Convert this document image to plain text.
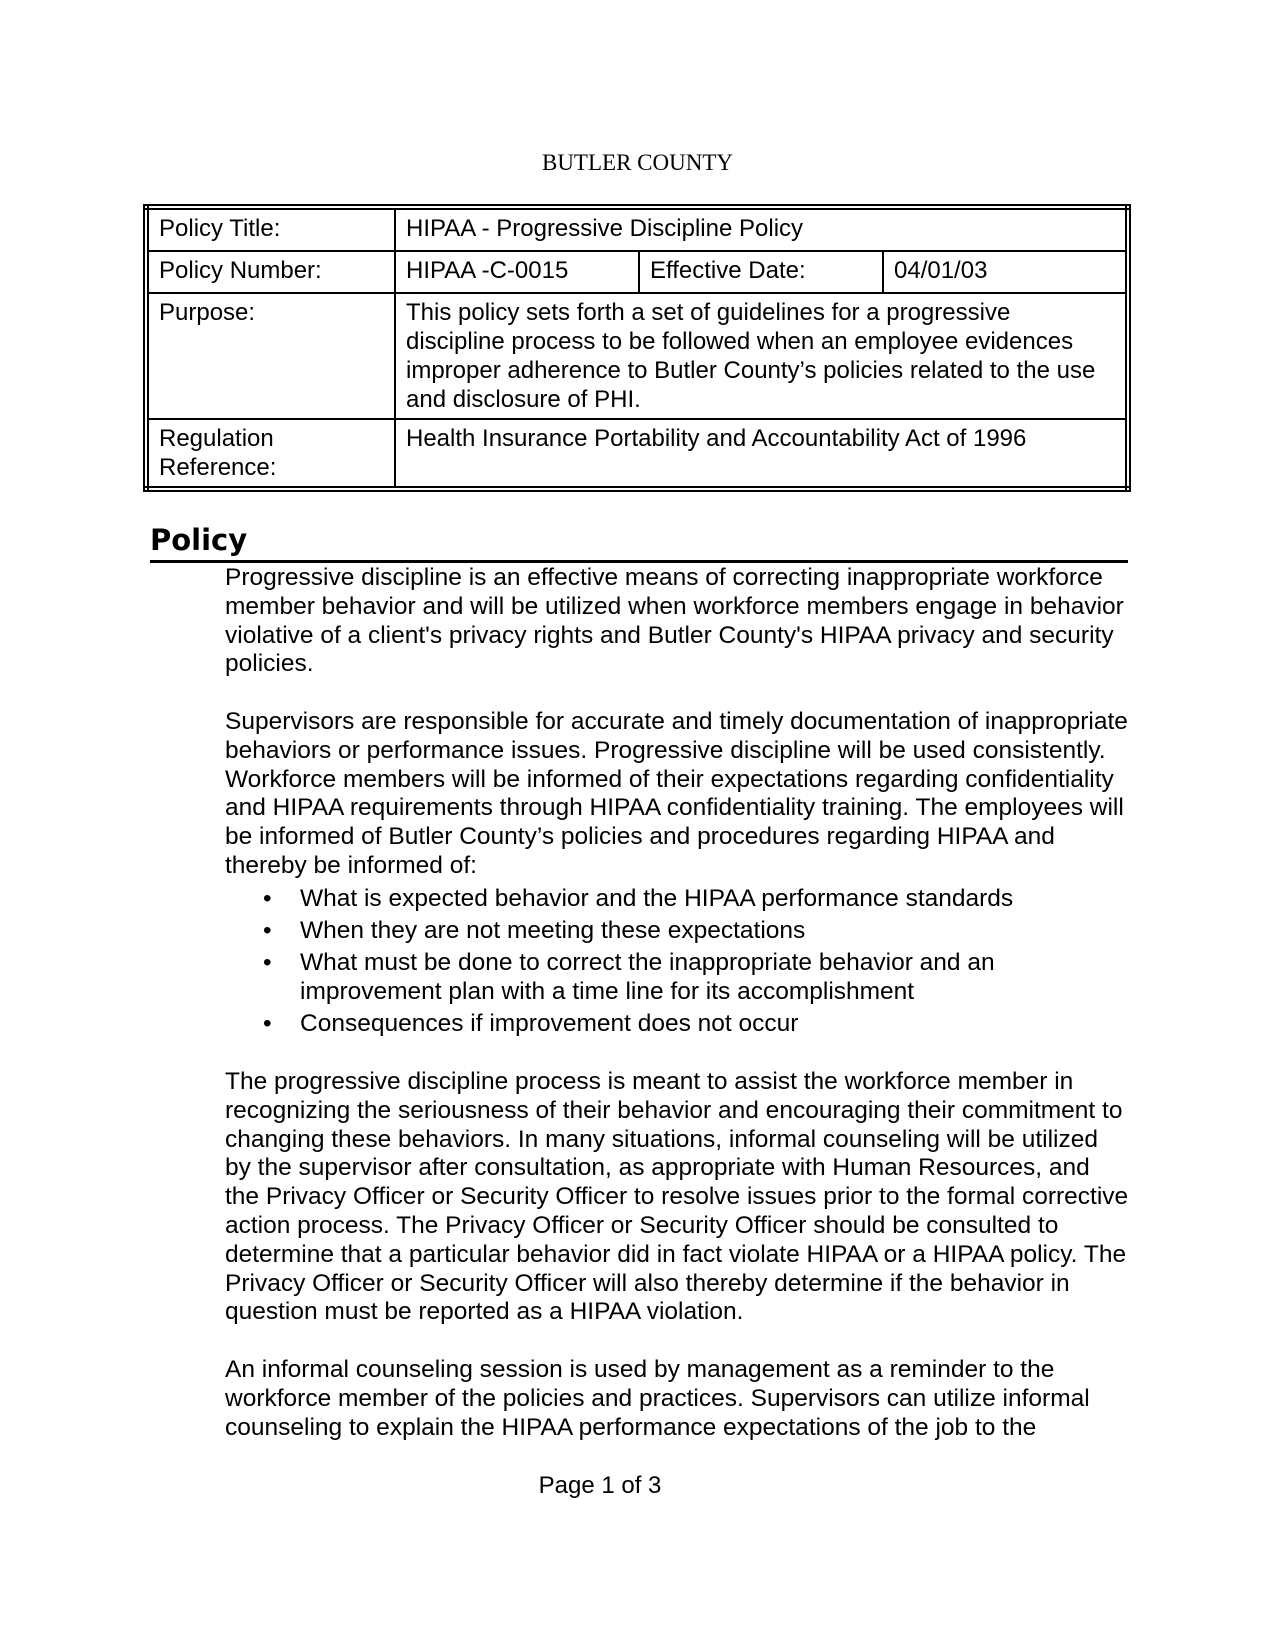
BUTLER COUNTY
Policy Title:	HIPAA - Progressive Discipline Policy		
Policy Number:	HIPAA -C-0015	Effective Date:	04/01/03
Purpose:	This policy sets forth a set of guidelines for a progressive discipline process to be followed when an employee evidences improper adherence to Butler County’s policies related to the use and disclosure of PHI.		
Regulation Reference:	Health Insurance Portability and Accountability Act of 1996		
Policy

Progressive discipline is an effective means of correcting inappropriate workforce member behavior and will be utilized when workforce members engage in behavior violative of a client's privacy rights and Butler County's HIPAA privacy and security policies.

Supervisors are responsible for accurate and timely documentation of inappropriate behaviors or performance issues. Progressive discipline will be used consistently. Workforce members will be informed of their expectations regarding confidentiality and HIPAA requirements through HIPAA confidentiality training. The employees will be informed of Butler County’s policies and procedures regarding HIPAA and thereby be informed of:

• What is expected behavior and the HIPAA performance standards
• When they are not meeting these expectations
• What must be done to correct the inappropriate behavior and an improvement plan with a time line for its accomplishment
• Consequences if improvement does not occur

The progressive discipline process is meant to assist the workforce member in recognizing the seriousness of their behavior and encouraging their commitment to changing these behaviors. In many situations, informal counseling will be utilized by the supervisor after consultation, as appropriate with Human Resources, and the Privacy Officer or Security Officer to resolve issues prior to the formal corrective action process. The Privacy Officer or Security Officer should be consulted to determine that a particular behavior did in fact violate HIPAA or a HIPAA policy. The Privacy Officer or Security Officer will also thereby determine if the behavior in question must be reported as a HIPAA violation.

An informal counseling session is used by management as a reminder to the workforce member of the policies and practices. Supervisors can utilize informal counseling to explain the HIPAA performance expectations of the job to the

Page 1 of 3
